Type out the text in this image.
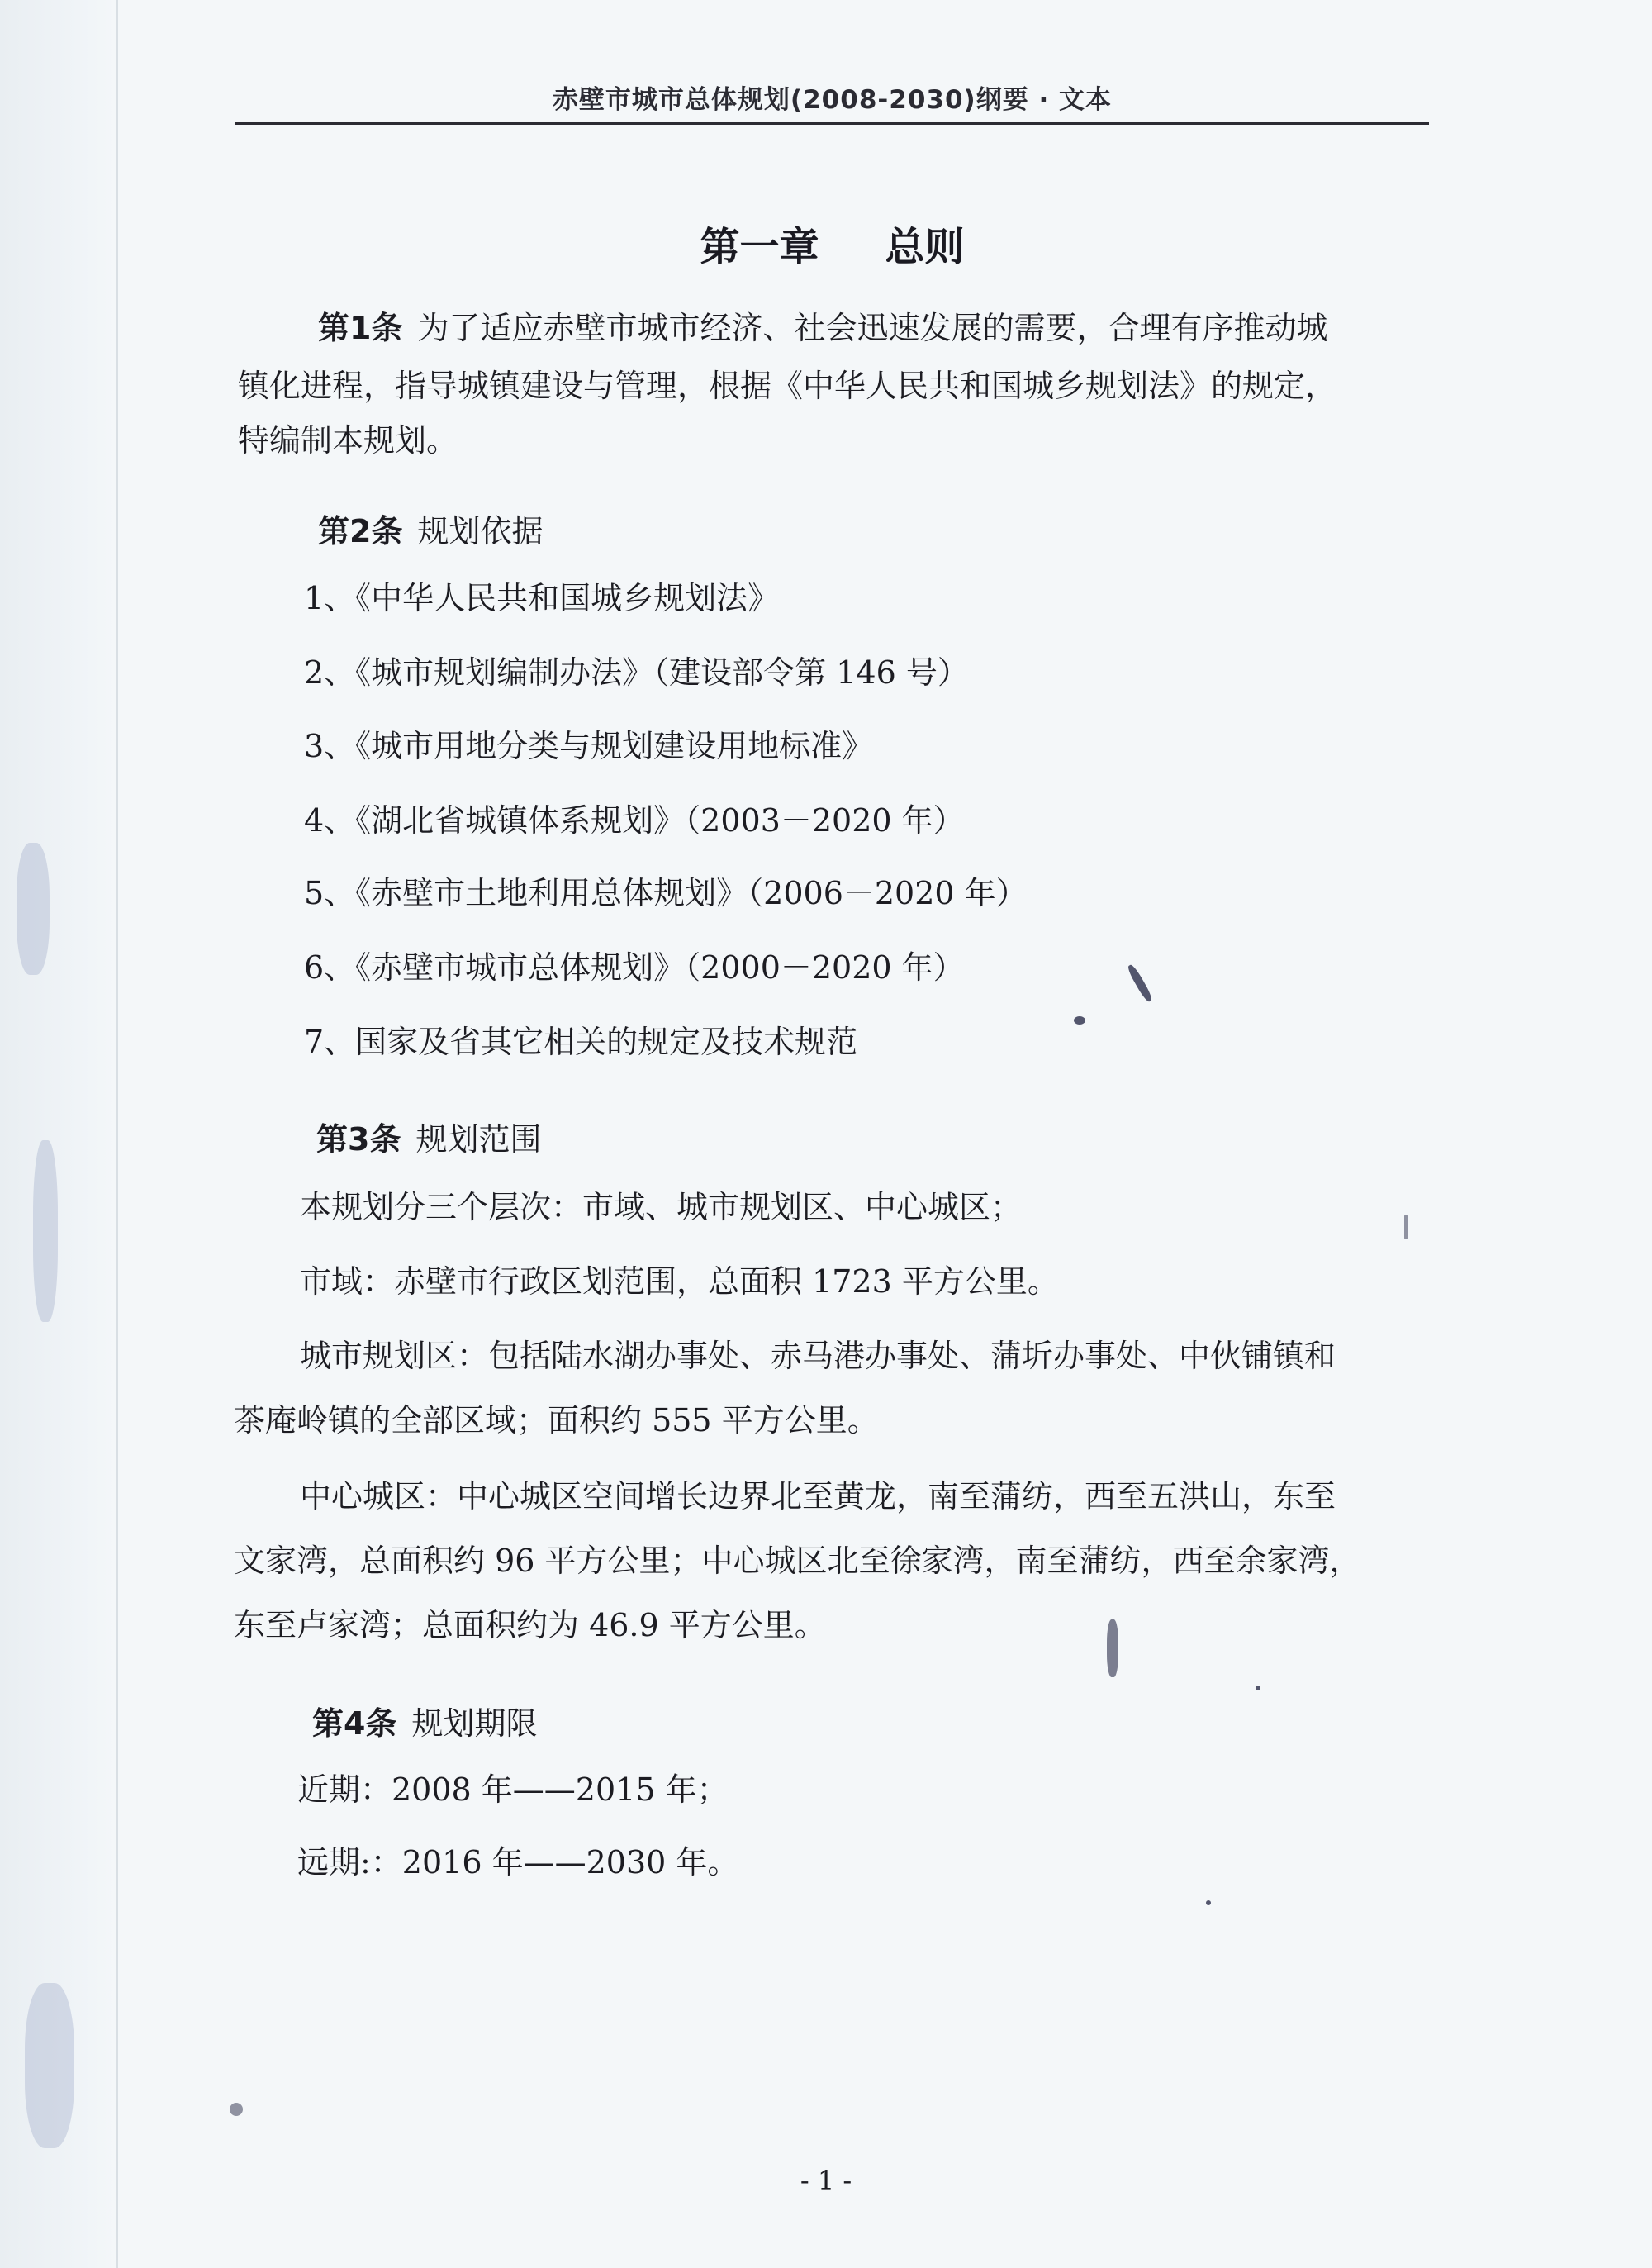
赤壁市城市总体规划(2008-2030)纲要 · 文本
第一章 总则
第1条 为了适应赤壁市城市经济、社会迅速发展的需要，合理有序推动城
镇化进程，指导城镇建设与管理，根据《中华人民共和国城乡规划法》的规定，
特编制本规划。
第2条 规划依据
1、《中华人民共和国城乡规划法》
2、《城市规划编制办法》（建设部令第 146 号）
3、《城市用地分类与规划建设用地标准》
4、《湖北省城镇体系规划》（2003－2020 年）
5、《赤壁市土地利用总体规划》（2006－2020 年）
6、《赤壁市城市总体规划》（2000－2020 年）
7、国家及省其它相关的规定及技术规范
第3条 规划范围
本规划分三个层次：市域、城市规划区、中心城区；
市域：赤壁市行政区划范围，总面积 1723 平方公里。
城市规划区：包括陆水湖办事处、赤马港办事处、蒲圻办事处、中伙铺镇和
茶庵岭镇的全部区域；面积约 555 平方公里。
中心城区：中心城区空间增长边界北至黄龙，南至蒲纺，西至五洪山，东至
文家湾，总面积约 96 平方公里；中心城区北至徐家湾，南至蒲纺，西至余家湾，
东至卢家湾；总面积约为 46.9 平方公里。
第4条 规划期限
近期：2008 年——2015 年；
远期:：2016 年——2030 年。
- 1 -
